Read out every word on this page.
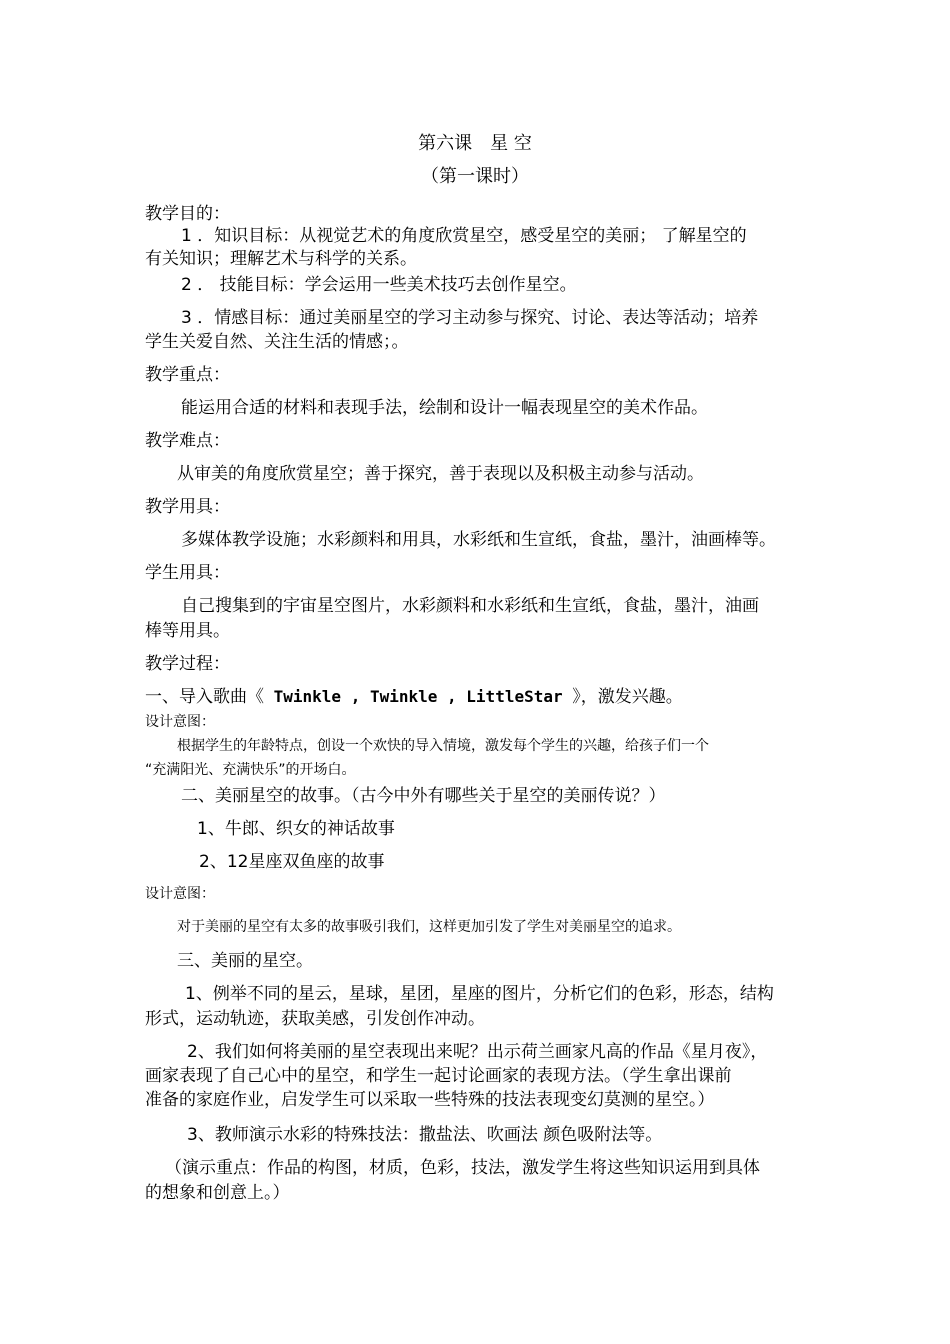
第六课　星 空
（第一课时）
教学目的：
1 ．知识目标：从视觉艺术的角度欣赏星空，感受星空的美丽； 了解星空的
有关知识；理解艺术与科学的关系。
2 ． 技能目标：学会运用一些美术技巧去创作星空。
3 ．情感目标：通过美丽星空的学习主动参与探究、讨论、表达等活动；培养
学生关爱自然、关注生活的情感；。
教学重点：
能运用合适的材料和表现手法，绘制和设计一幅表现星空的美术作品。
教学难点：
从审美的角度欣赏星空；善于探究，善于表现以及积极主动参与活动。
教学用具：
多媒体教学设施；水彩颜料和用具，水彩纸和生宣纸，食盐，墨汁，油画棒等。
学生用具：
自己搜集到的宇宙星空图片，水彩颜料和水彩纸和生宣纸，食盐，墨汁，油画
棒等用具。
教学过程：
一、导入歌曲《 Twinkle , Twinkle , LittleStar 》，激发兴趣。
设计意图：
根据学生的年龄特点，创设一个欢快的导入情境，激发每个学生的兴趣，给孩子们一个
“充满阳光、充满快乐”的开场白。
二、美丽星空的故事。（古今中外有哪些关于星空的美丽传说？）
1、牛郎、织女的神话故事
2、12星座双鱼座的故事
设计意图：
对于美丽的星空有太多的故事吸引我们，这样更加引发了学生对美丽星空的追求。
三、美丽的星空。
1、例举不同的星云，星球，星团，星座的图片，分析它们的色彩，形态，结构
形式，运动轨迹，获取美感，引发创作冲动。
2、我们如何将美丽的星空表现出来呢？出示荷兰画家凡高的作品《星月夜》，
画家表现了自己心中的星空，和学生一起讨论画家的表现方法。（学生拿出课前
准备的家庭作业，启发学生可以采取一些特殊的技法表现变幻莫测的星空。）
3、教师演示水彩的特殊技法：撒盐法、吹画法 颜色吸附法等。
（演示重点：作品的构图，材质，色彩，技法，激发学生将这些知识运用到具体
的想象和创意上。）
